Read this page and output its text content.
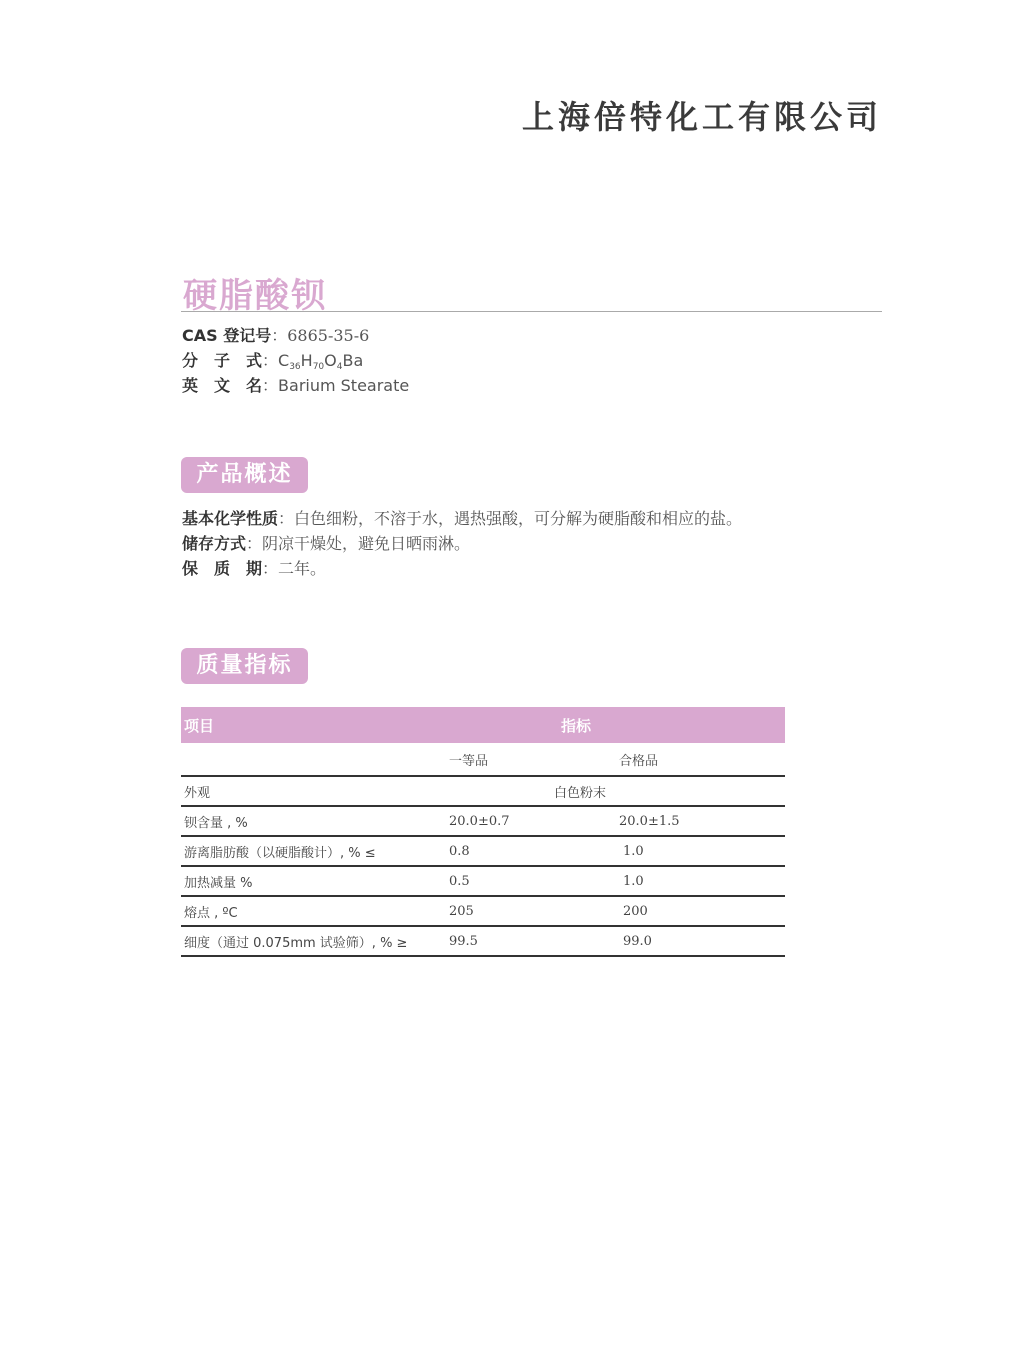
上海倍特化工有限公司
硬脂酸钡
CAS 登记号：6865-35-6
分　子　式：$C_{36}H_{70}O_4Ba$
英　文　名：Barium Stearate
产品概述
基本化学性质：白色细粉，不溶于水，遇热强酸，可分解为硬脂酸和相应的盐。
储存方式：阴凉干燥处，避免日晒雨淋。
保　质　期：二年。
质量指标
项目	指标	
	一等品	合格品
外观	白色粉末	
钡含量 , %	20.0±0.7	20.0±1.5
游离脂肪酸（以硬脂酸计）, % ≤	0.8	1.0
加热减量 %	0.5	1.0
熔点 , ºC	205	200
细度（通过 0.075mm 试验筛）, % ≥	99.5	99.0
